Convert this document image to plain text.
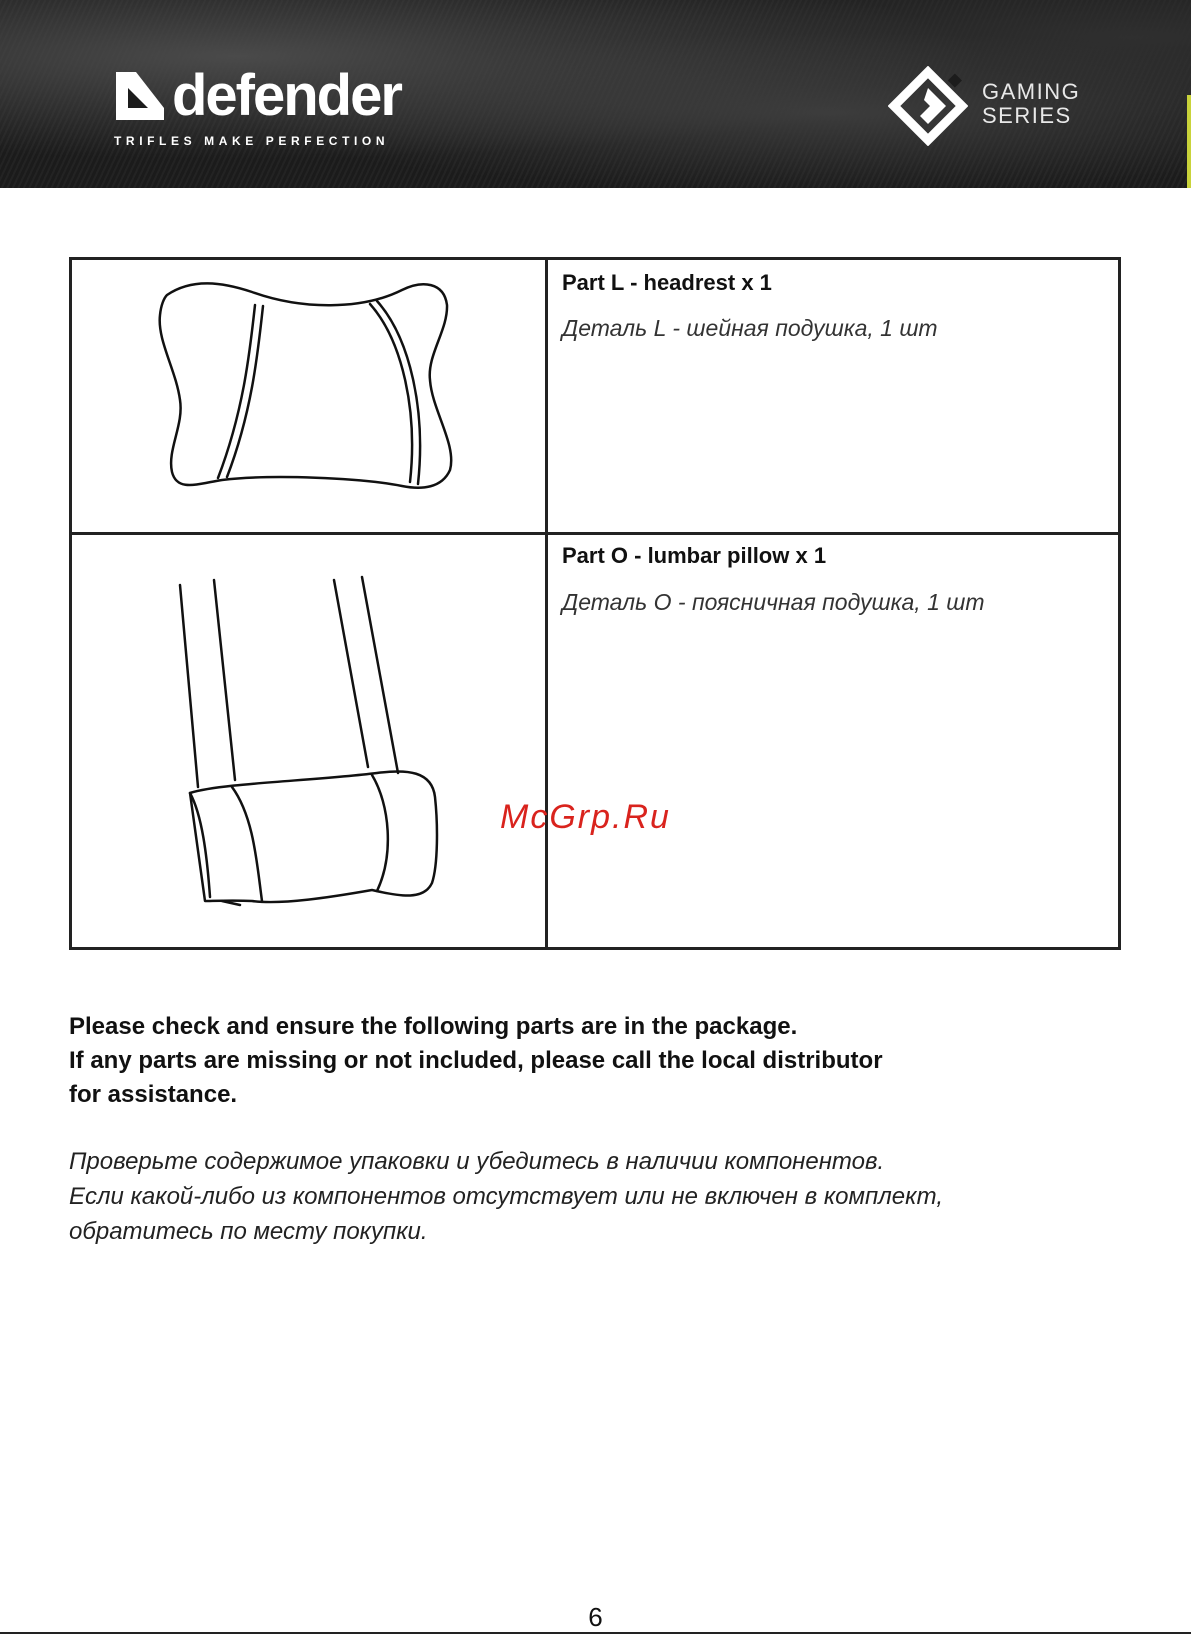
defender
TRIFLES MAKE PERFECTION
GAMING
SERIES
Part L - headrest x 1
Деталь L - шейная подушка, 1 шт
Part O - lumbar pillow x 1
Деталь O - поясничная подушка, 1 шт
McGrp.Ru
Please check and ensure the following parts are in the package.
If any parts are missing or not included, please call the local distributor
for assistance.
Проверьте содержимое упаковки и убедитесь в наличии компонентов.
Если какой-либо из компонентов отсутствует или не включен в комплект,
обратитесь по месту покупки.
6
